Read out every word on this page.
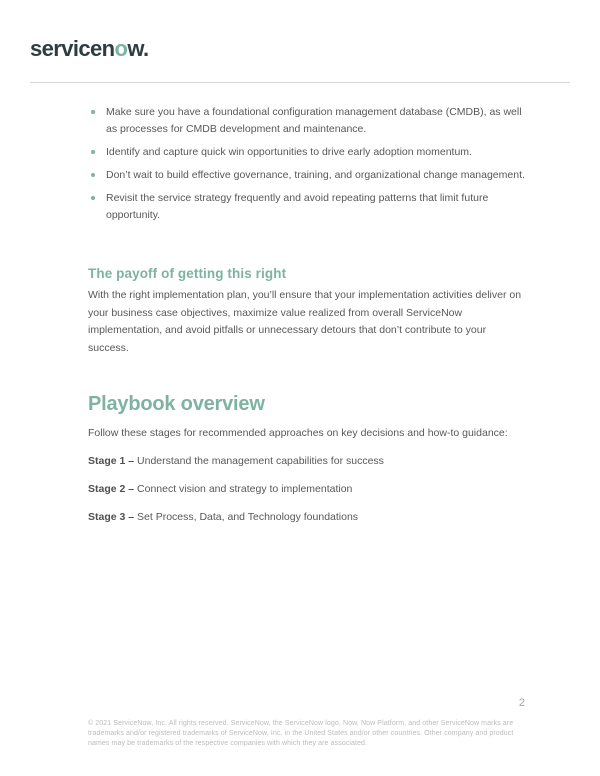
servicenow.
Make sure you have a foundational configuration management database (CMDB), as well as processes for CMDB development and maintenance.
Identify and capture quick win opportunities to drive early adoption momentum.
Don’t wait to build effective governance, training, and organizational change management.
Revisit the service strategy frequently and avoid repeating patterns that limit future opportunity.
The payoff of getting this right

With the right implementation plan, you’ll ensure that your implementation activities deliver on your business case objectives, maximize value realized from overall ServiceNow implementation, and avoid pitfalls or unnecessary detours that don’t contribute to your success.

Playbook overview

Follow these stages for recommended approaches on key decisions and how-to guidance:

Stage 1 – Understand the management capabilities for success

Stage 2 – Connect vision and strategy to implementation

Stage 3 – Set Process, Data, and Technology foundations

2

© 2021 ServiceNow, Inc. All rights reserved. ServiceNow, the ServiceNow logo, Now, Now Platform, and other ServiceNow marks are trademarks and/or registered trademarks of ServiceNow, Inc. in the United States and/or other countries. Other company and product names may be trademarks of the respective companies with which they are associated.
